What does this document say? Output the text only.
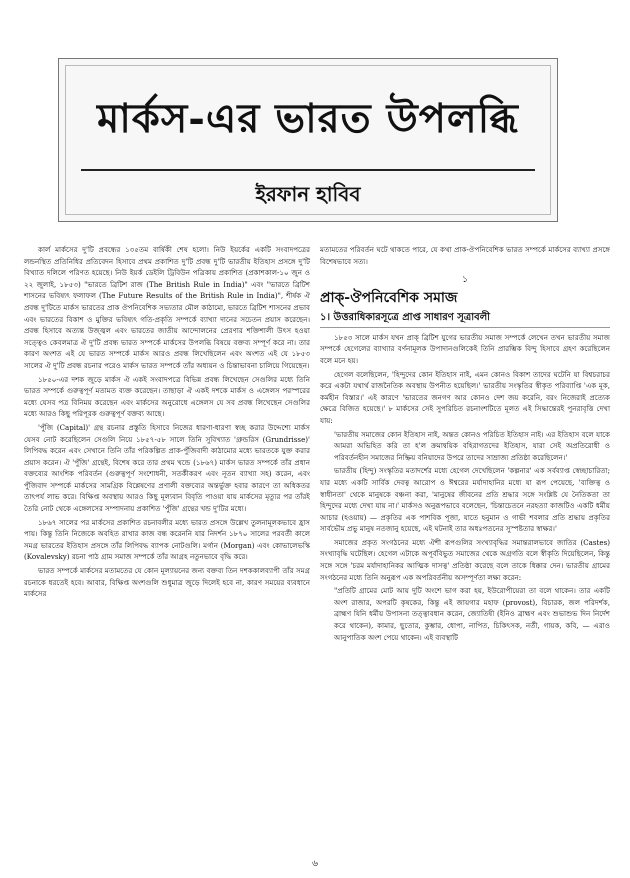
মার্কস-এর ভারত উপলব্ধি
ইরফান হাবিব

কার্ল মার্কসের দু'টি প্রবন্ধের ১৩৫তম বার্ষিকী শেষ হলো। নিউ ইয়র্কের একটি সংবাদপত্রের লন্ডনস্থিত প্রতিনিধির প্রতিবেদন হিসাবে প্রথম প্রকাশিত দু'টি প্রবন্ধ দু'টি ভারতীয় ইতিহাস প্রসঙ্গে দু'টি বিখ্যাত দলিলে পরিণত হয়েছে। নিউ ইয়র্ক ডেইলি ট্রিবিউন পত্রিকায় প্রকাশিত (প্রকাশকাল-১০ জুন ও ২২ জুলাই, ১৮৫৩) "ভারতে ব্রিটিশ রাজ (The British Rule in India)" এবং "ভারতে ব্রিটিশ শাসনের ভবিষ্যৎ ফলাফল (The Future Results of the British Rule in India)", শীর্ষক ঐ প্রবন্ধ দু'টিতে মার্কস ভারতের প্রাক ঔপনিবেশিক সভ্যতার মৌল কাঠামো, ভারতে ব্রিটিশ শাসনের প্রভাব এবং ভারতের বিকাশ ও মুক্তির ভবিষ্যৎ গতি-প্রকৃতি সম্পর্কে ব্যাখ্যা দানের সচেতন প্রয়াস করেছেন। প্রবন্ধ হিসাবে অত্যন্ত উজ্জ্বল এবং ভারতের জাতীয় আন্দোলনের প্রেরণার শক্তিশালী উৎস হওয়া সত্ত্বেও কেবলমাত্র ঐ দু'টি প্রবন্ধ ভারত সম্পর্কে মার্কসের উপলব্ধি বিষয়ে বক্তব্য সম্পূর্ণ করে না। তার কারণ অংশত এই যে ভারত সম্পর্কে মার্কস আরও প্রবন্ধ লিখেছিলেন এবং অংশত এই যে ১৮৫৩ সালের ঐ দু'টি প্রবন্ধ রচনার পরেও মার্কস ভারত সম্পর্কে তাঁর অধ্যয়ন ও চিন্তাভাবনা চালিয়ে গিয়েছেন।

১৮৫০-এর দশক জুড়ে মার্কস ঐ একই সংবাদপত্রে বিভিন্ন প্রবন্ধ লিখেছেন সেগুলির মধ্যে তিনি ভারত সম্পর্কে গুরুত্বপূর্ণ মতামত ব্যক্ত করেছেন। তাছাড়া ঐ একই দশকে মার্কস ও এঙ্গেলস পরস্পরের মধ্যে যেসব পত্র বিনিময় করেছেন এবং মার্কসের অনুরোধে এঙ্গেলস যে সব প্রবন্ধ লিখেছেন সেগুলির মধ্যে আরও কিছু পরিপূরক গুরুত্বপূর্ণ বক্তব্য আছে।

'পুঁজি (Capital)' গ্রন্থ রচনার প্রস্তুতি হিসাবে নিজের ধারণা-ধারণা স্বচ্ছ করার উদ্দেশ্যে মার্কস যেসব নোট করেছিলেন সেগুলি নিয়ে ১৮৫৭-৫৮ সালে তিনি সুবিখ্যাত 'গ্রুন্ডরিস (Grundrisse)' লিপিবদ্ধ করেন এবং সেখানে তিনি তাঁর পরিকল্পিত প্রাক-পুঁজিবাদী কাঠামোর মধ্যে ভারতকে যুক্ত করার প্রয়াস করেন। ঐ 'পুঁজি' গ্রন্থেই, বিশেষ করে তার প্রথম খন্ডে (১৮৬৭) মার্কস ভারত সম্পর্কে তাঁর প্রধান বক্তব্যের আংশিক পরিবর্তন (গুরুত্বপূর্ণ সংশোধনী, সতর্কীকরণ এবং নূতন ব্যাখ্যা সহ) করেন, এবং পুঁজিবাদ সম্পর্কে মার্কসের সামগ্রিক বিশ্লেষণের প্রণালী বক্তব্যের অন্তর্ভুক্ত হবার কারণে তা অধিকতর তাৎপর্য লাভ করে। বিক্ষিপ্ত অবস্থায় আরও কিছু মূল্যবান বিবৃতি পাওয়া যায় মার্কসের মৃত্যুর পর তাঁরই তৈরি নোট থেকে এঙ্গেলসের সম্পাদনায় প্রকাশিত 'পুঁজি' গ্রন্থের খন্ড দু'টির মধ্যে।

১৮৬৭ সালের পর মার্কসের প্রকাশিত রচনাবলীর মধ্যে ভারত প্রসঙ্গে উল্লেখ তুলনামূলকভাবে হ্রাস পায়। কিন্তু তিনি নিজেকে অবহিত রাখার কাজ বন্ধ করেননি যার নিদর্শন ১৮৭০ সালের পরবর্তী কালে সমগ্র ভারতের ইতিহাস প্রসঙ্গে তাঁর লিপিবদ্ধ ব্যাপক নোটগুলি। মর্গান (Morgan) এবং কোভালেভস্কি (Kovalevsky) রচনা পাঠ গ্রাম সমাজ সম্পর্কে তাঁর আগ্রহ নতুনভাবে বৃদ্ধি করে।

ভারত সম্পর্কে মার্কসের মতামতের যে কোন মূল্যায়নের জন্য বক্তব্য তিন দশককালব্যাপী তাঁর সমগ্র রচনাকে ধরতেই হবে। আবার, বিক্ষিপ্ত অংশগুলি শুধুমাত্র জুড়ে দিলেই হবে না, কারণ সময়ের ব্যবধানে মার্কসের

মতামতের পরিবর্তন ঘটে থাকতে পারে, যে কথা প্রাক-ঔপনিবেশিক ভারত সম্পর্কে মার্কসের ব্যাখ্যা প্রসঙ্গে বিশেষভাবে সত্য।

১
প্রাক্-ঔপনিবেশিক সমাজ
১। উত্তরাধিকারসূত্রে প্রাপ্ত সাধারণ সূত্রাবলী

১৮৫৩ সালে মার্কস যখন প্রাক্ ব্রিটিশ যুগের ভারতীয় সমাজ সম্পর্কে লেখেন তখন ভারতীয় সমাজ সম্পর্কে হেগেলের ব্যাখ্যার বর্ণনামূলক উপাদানগুলিকেই তিনি প্রারম্ভিক বিন্দু হিসাবে গ্রহণ করেছিলেন বলে মনে হয়।

হেগেল বলেছিলেন, 'হিন্দুদের কোন ইতিহাস নাই, এমন কোনও বিকাশ তাদের ঘটেনি যা বিশ্বচরাচর করে একটা যথার্থ রাজনৈতিক অবস্থায় উপনীত হয়েছিল।' ভারতীয় সংস্কৃতির স্বীকৃত পরিব্যাপ্তি 'এক মূক, কর্মহীন বিস্তার।' এই কারণে 'ভারতের জনগণ আর কোনও দেশ জয় করেনি, বরং নিজেরাই প্রত্যেক ক্ষেত্রে বিজিত হয়েছে।' ৮ মার্কসের সেই সুপরিচিত রচনাংশটিতে মূলত এই সিদ্ধান্তেরই পুনরাবৃত্তি দেখা যায়:

'ভারতীয় সমাজের কোন ইতিহাস নাই, অন্তত কোনও পরিচিত ইতিহাস নাই। এর ইতিহাস বলে যাকে আমরা অভিহিত করি তা হ'ল ক্রমান্বয়িক বহিরাগতদের ইতিহাস, যারা সেই অপ্রতিরোধী ও পরিবর্তনহীন সমাজের নিষ্ক্রিয় বনিয়াদের উপরে তাদের সাম্রাজ্য প্রতিষ্ঠা করেছিলেন।'

ভারতীয় (হিন্দু) সংস্কৃতির মতাদর্শের মধ্যে হেগেল দেখেছিলেন 'কল্পনার' এক সর্বব্যাপ্ত স্বেচ্ছাচারিতা; যার মধ্যে একটি সার্বিক দেবত্ব আরোপ ও ঈশ্বরের মর্যাদাহানির মধ্যে যা রূপ পেয়েছে, 'ব্যক্তিত্ব ও স্বাধীনতা' থেকে মানুষকে বঞ্চনা করা, 'মানুষের জীবনের প্রতি শ্রদ্ধার সঙ্গে সংশ্লিষ্ট যে নৈতিকতা তা হিন্দুদের মধ্যে দেখা যায় না।' মার্কসও অনুরূপভাবে বলেছেন, 'চিন্তাচেতনে নরহত্যা কাজটিও একটি ধর্মীয় আচার (হওয়ায়) — প্রকৃতির এক পাশবিক পূজা, যাতে হনুমান ও গাভী শবলার প্রতি শ্রদ্ধায় প্রকৃতির সার্বভৌম প্রভু মানুষ নতজানু হয়েছে, এই ঘটনাই তার অধঃপতনের সুস্পষ্টতার স্বাক্ষর।'

সমাজের প্রকৃত সংগঠনের মধ্যে ঐশী রূপগুলির সংখ্যাবৃদ্ধির সমান্তরালভাবে জাতির (Castes) সংখ্যাবৃদ্ধি ঘটেছিল। হেগেল এটাকে অপূর্ববিভুত সমাজের থেকে অগ্রগতি বলে স্বীকৃতি দিয়েছিলেন, কিন্তু সঙ্গে সঙ্গে 'চরম মর্যাদাহানিকর আত্মিক দাসত্ব' প্রতিষ্ঠা করেছে বলে তাকে ধিক্কার দেন। ভারতীয় গ্রামের সংগঠনের মধ্যে তিনি অনুরূপ এক অপরিবর্তনীয় অসম্পূর্ণতা লক্ষ্য করেন:

"প্রতিটি গ্রামের মোট আয় দুটি অংশে ভাগ করা হয়, ইউরোপীয়েরা তা বলে থাকেন। তার একটি অংশ রাজার, অপরটি কৃষকের, কিন্তু এই জায়গার মহাফ (provost), বিচারক, জল পরিদর্শক, ব্রাহ্মণ যিনি ধর্মীয় উপাসনা তত্ত্বাবধান করেন, জ্যোতিষী (ইনিও ব্রাহ্মণ এবং শুভাশুভ দিন নির্দেশ করে থাকেন), কামার, ছুতোর, কুম্ভার, ধোপা, নাপিত, চিকিৎসক, নর্তী, গায়ক, কবি, — এরাও আনুপাতিক অংশ পেয়ে থাকেন। এই ব্যবস্থাটি

৬
